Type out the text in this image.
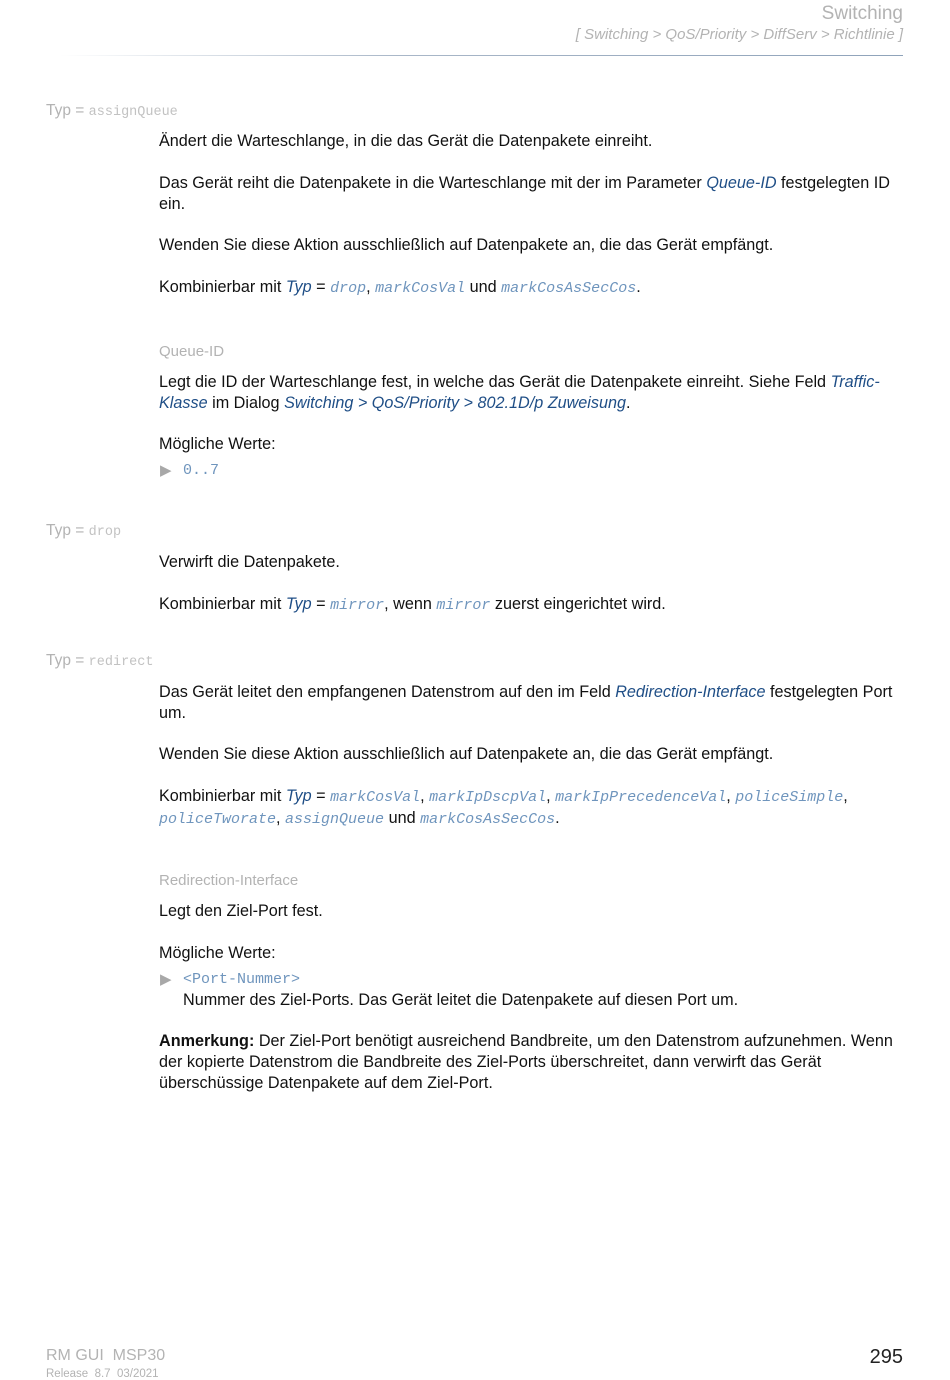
Switching
[ Switching > QoS/Priority > DiffServ > Richtlinie ]
Typ = assignQueue
Ändert die Warteschlange, in die das Gerät die Datenpakete einreiht.
Das Gerät reiht die Datenpakete in die Warteschlange mit der im Parameter Queue-ID festgelegten ID ein.
Wenden Sie diese Aktion ausschließlich auf Datenpakete an, die das Gerät empfängt.
Kombinierbar mit Typ = drop, markCosVal und markCosAsSecCos.
Queue-ID
Legt die ID der Warteschlange fest, in welche das Gerät die Datenpakete einreiht. Siehe Feld Traffic-Klasse im Dialog Switching > QoS/Priority > 802.1D/p Zuweisung.
Mögliche Werte:
▶ 0..7
Typ = drop
Verwirft die Datenpakete.
Kombinierbar mit Typ = mirror, wenn mirror zuerst eingerichtet wird.
Typ = redirect
Das Gerät leitet den empfangenen Datenstrom auf den im Feld Redirection-Interface festgelegten Port um.
Wenden Sie diese Aktion ausschließlich auf Datenpakete an, die das Gerät empfängt.
Kombinierbar mit Typ = markCosVal, markIpDscpVal, markIpPrecedenceVal, policeSimple, policeTworate, assignQueue und markCosAsSecCos.
Redirection-Interface
Legt den Ziel-Port fest.
Mögliche Werte:
▶ <Port-Nummer>
Nummer des Ziel-Ports. Das Gerät leitet die Datenpakete auf diesen Port um.
Anmerkung: Der Ziel-Port benötigt ausreichend Bandbreite, um den Datenstrom aufzunehmen. Wenn der kopierte Datenstrom die Bandbreite des Ziel-Ports überschreitet, dann verwirft das Gerät überschüssige Datenpakete auf dem Ziel-Port.
RM GUI  MSP30
Release  8.7  03/2021
295
